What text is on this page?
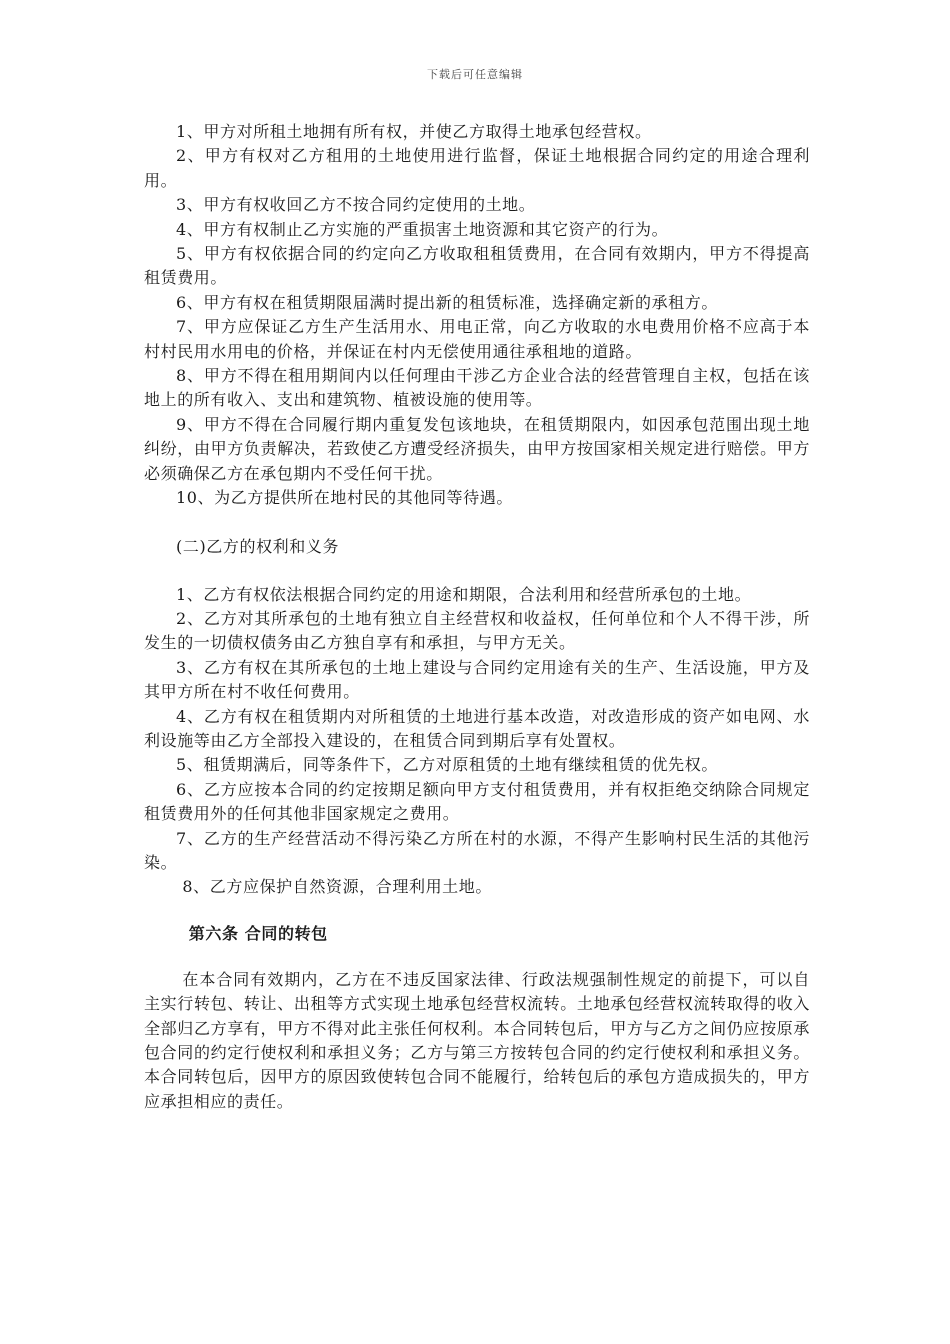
下载后可任意编辑

1、甲方对所租土地拥有所有权，并使乙方取得土地承包经营权。

2、甲方有权对乙方租用的土地使用进行监督，保证土地根据合同约定的用途合理利用。

3、甲方有权收回乙方不按合同约定使用的土地。

4、甲方有权制止乙方实施的严重损害土地资源和其它资产的行为。

5、甲方有权依据合同的约定向乙方收取租租赁费用，在合同有效期内，甲方不得提高租赁费用。

6、甲方有权在租赁期限届满时提出新的租赁标准，选择确定新的承租方。

7、甲方应保证乙方生产生活用水、用电正常，向乙方收取的水电费用价格不应高于本村村民用水用电的价格，并保证在村内无偿使用通往承租地的道路。

8、甲方不得在租用期间内以任何理由干涉乙方企业合法的经营管理自主权，包括在该地上的所有收入、支出和建筑物、植被设施的使用等。

9、甲方不得在合同履行期内重复发包该地块，在租赁期限内，如因承包范围出现土地纠纷，由甲方负责解决，若致使乙方遭受经济损失，由甲方按国家相关规定进行赔偿。甲方必须确保乙方在承包期内不受任何干扰。

10、为乙方提供所在地村民的其他同等待遇。

(二)乙方的权利和义务

1、乙方有权依法根据合同约定的用途和期限，合法利用和经营所承包的土地。

2、乙方对其所承包的土地有独立自主经营权和收益权，任何单位和个人不得干涉，所发生的一切债权债务由乙方独自享有和承担，与甲方无关。

3、乙方有权在其所承包的土地上建设与合同约定用途有关的生产、生活设施，甲方及其甲方所在村不收任何费用。

4、乙方有权在租赁期内对所租赁的土地进行基本改造，对改造形成的资产如电网、水利设施等由乙方全部投入建设的，在租赁合同到期后享有处置权。

5、租赁期满后，同等条件下，乙方对原租赁的土地有继续租赁的优先权。

6、乙方应按本合同的约定按期足额向甲方支付租赁费用，并有权拒绝交纳除合同规定租赁费用外的任何其他非国家规定之费用。

7、乙方的生产经营活动不得污染乙方所在村的水源，不得产生影响村民生活的其他污染。

8、乙方应保护自然资源，合理利用土地。

第六条 合同的转包

在本合同有效期内，乙方在不违反国家法律、行政法规强制性规定的前提下，可以自主实行转包、转让、出租等方式实现土地承包经营权流转。土地承包经营权流转取得的收入全部归乙方享有，甲方不得对此主张任何权利。本合同转包后，甲方与乙方之间仍应按原承包合同的约定行使权利和承担义务；乙方与第三方按转包合同的约定行使权利和承担义务。本合同转包后，因甲方的原因致使转包合同不能履行，给转包后的承包方造成损失的，甲方应承担相应的责任。
